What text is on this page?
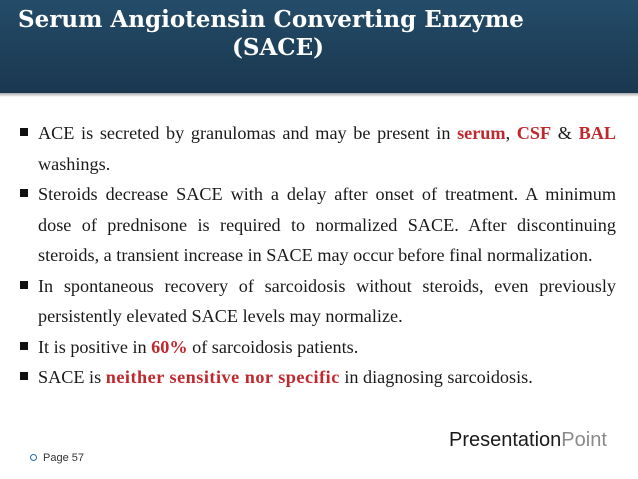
Serum Angiotensin Converting Enzyme
(SACE)
ACE is secreted by granulomas and may be present in serum, CSF & BAL washings.
Steroids decrease SACE with a delay after onset of treatment. A minimum dose of prednisone is required to normalized SACE. After discontinuing steroids, a transient increase in SACE may occur before final normalization.
In spontaneous recovery of sarcoidosis without steroids, even previously persistently elevated SACE levels may normalize.
It is positive in 60% of sarcoidosis patients.
SACE is neither sensitive nor specific in diagnosing sarcoidosis.
Page 57
PresentationPoint
